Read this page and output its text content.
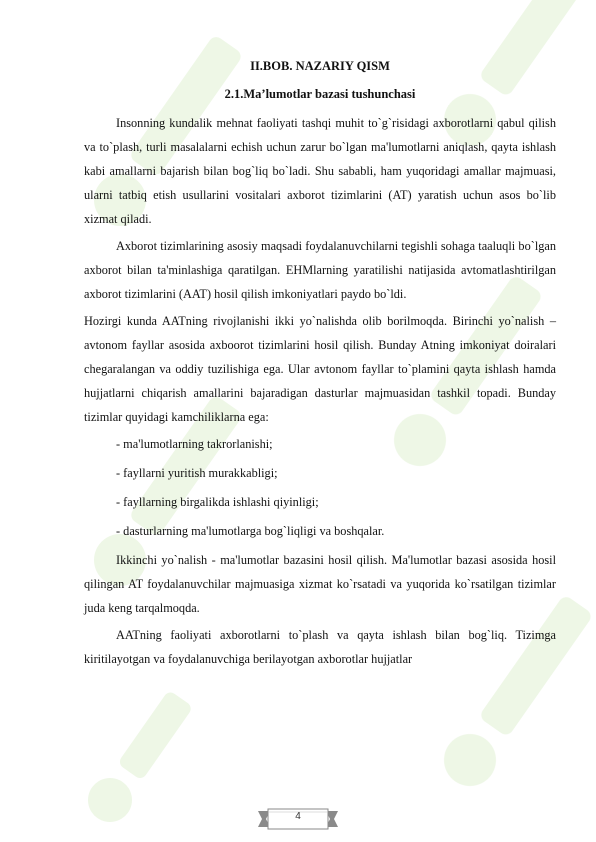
II.BOB. NAZARIY QISM
2.1.Ma’lumotlar bazasi tushunchasi

Insonning kundalik mehnat faoliyati tashqi muhit to`g`risidagi axborotlarni qabul qilish va to`plash, turli masalalarni echish uchun zarur bo`lgan ma'lumotlarni aniqlash, qayta ishlash kabi amallarni bajarish bilan bog`liq bo`ladi. Shu sababli, ham yuqoridagi amallar majmuasi, ularni tatbiq etish usullarini vositalari axborot tizimlarini (AT) yaratish uchun asos bo`lib xizmat qiladi.

Axborot tizimlarining asosiy maqsadi foydalanuvchilarni tegishli sohaga taaluqli bo`lgan axborot bilan ta'minlashiga qaratilgan. EHMlarning yaratilishi natijasida avtomatlashtirilgan axborot tizimlarini (AAT) hosil qilish imkoniyatlari paydo bo`ldi.

Hozirgi kunda AATning rivojlanishi ikki yo`nalishda olib borilmoqda. Birinchi yo`nalish – avtonom fayllar asosida axboorot tizimlarini hosil qilish. Bunday Atning imkoniyat doiralari chegaralangan va oddiy tuzilishiga ega. Ular avtonom fayllar to`plamini qayta ishlash hamda hujjatlarni chiqarish amallarini bajaradigan dasturlar majmuasidan tashkil topadi. Bunday tizimlar quyidagi kamchiliklarna ega:

- ma'lumotlarning takrorlanishi;
- fayllarni yuritish murakkabligi;
- fayllarning birgalikda ishlashi qiyinligi;
- dasturlarning ma'lumotlarga bog`liqligi va boshqalar.

Ikkinchi yo`nalish - ma'lumotlar bazasini hosil qilish. Ma'lumotlar bazasi asosida hosil qilingan AT foydalanuvchilar majmuasiga xizmat ko`rsatadi va yuqorida ko`rsatilgan tizimlar juda keng tarqalmoqda.

AATning faoliyati axborotlarni to`plash va qayta ishlash bilan bog`liq. Tizimga kiritilayotgan va foydalanuvchiga berilayotgan axborotlar hujjatlar

4
